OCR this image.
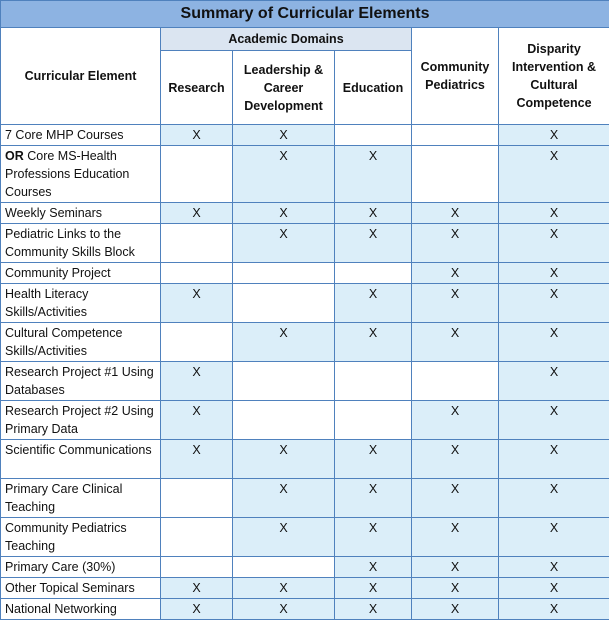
Summary of Curricular Elements					
Curricular Element	Academic Domains			Community Pediatrics	Disparity Intervention & Cultural Competence
	Research	Leadership & Career Development	Education		
7 Core MHP Courses	X	X			X
OR Core MS-Health Professions Education Courses		X	X		X
Weekly Seminars	X	X	X	X	X
Pediatric Links to the Community Skills Block		X	X	X	X
Community Project				X	X
Health Literacy Skills/Activities	X		X	X	X
Cultural Competence Skills/Activities		X	X	X	X
Research Project #1 Using Databases	X				X
Research Project #2 Using Primary Data	X			X	X
Scientific Communications	X	X	X	X	X
Primary Care Clinical Teaching		X	X	X	X
Community Pediatrics Teaching		X	X	X	X
Primary Care (30%)			X	X	X
Other Topical Seminars	X	X	X	X	X
National Networking	X	X	X	X	X
